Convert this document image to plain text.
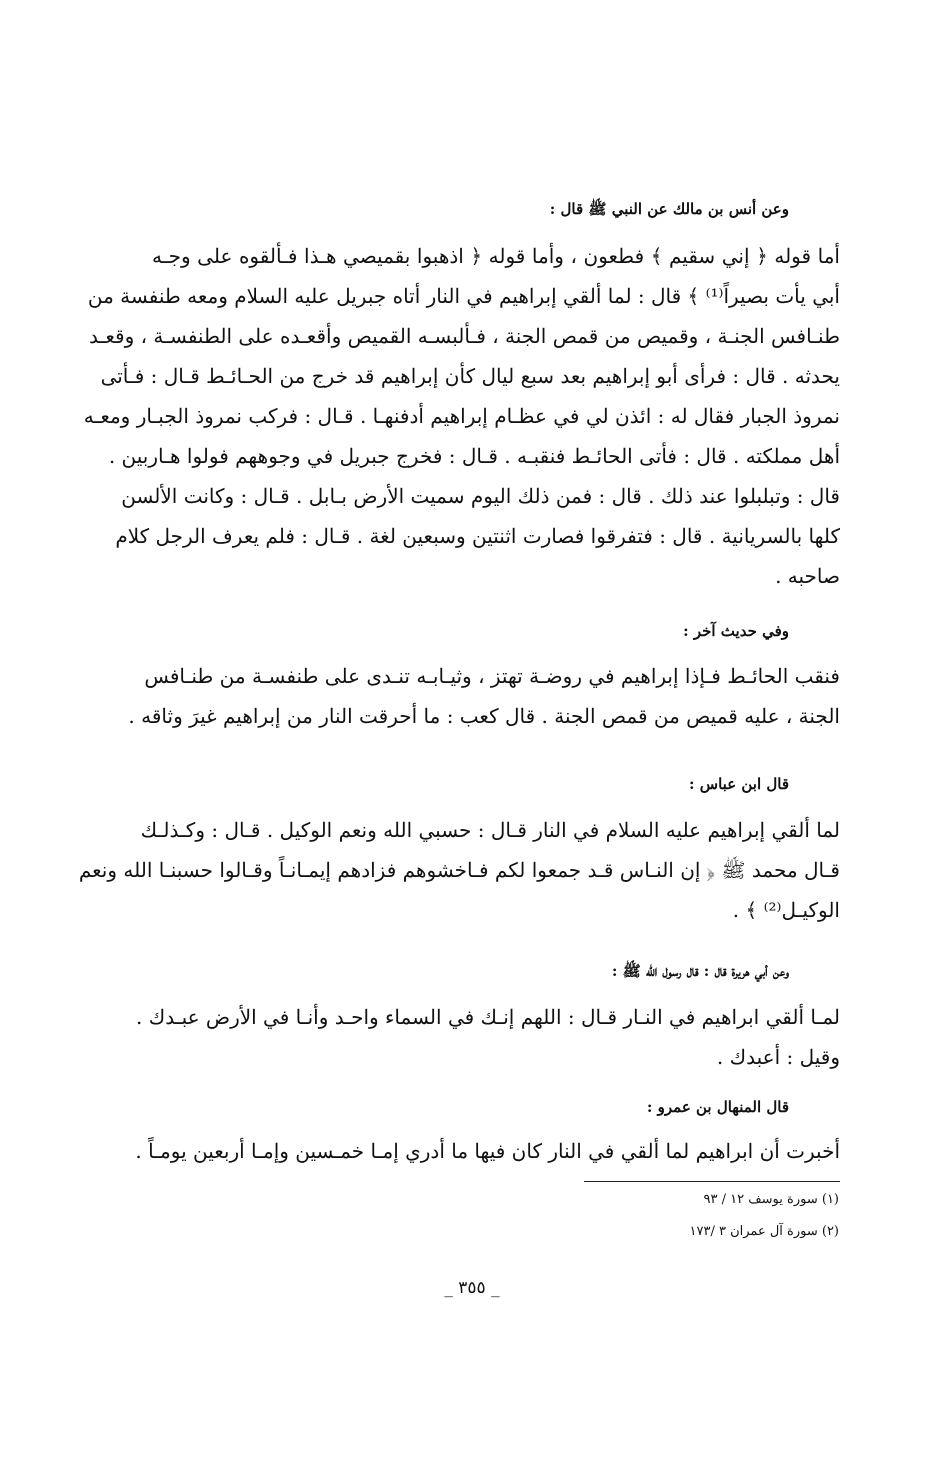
وعن أنس بن مالك عن النبي ﷺ قال :
أما قوله ﴿ إني سقيم ﴾ فطعون ، وأما قوله ﴿ اذهبوا بقميصي هـذا فـألقوه على وجـه
أبي يأت بصيراً⁽¹⁾ ﴾ قال : لما ألقي إبراهيم في النار أتاه جبريل عليه السلام ومعه طنفسة من
طنـافس الجنـة ، وقميص من قمص الجنة ، فـألبسـه القميص وأقعـده على الطنفسـة ، وقعـد
يحدثه . قال : فرأى أبو إبراهيم بعد سبع ليال كأن إبراهيم قد خرج من الحـائـط قـال : فـأتى
نمروذ الجبار فقال له : ائذن لي في عظـام إبراهيم أدفنهـا . قـال : فركب نمروذ الجبـار ومعـه
أهل مملكته . قال : فأتى الحائـط فنقبـه . قـال : فخرج جبريل في وجوههم فولوا هـاربين .
قال : وتبلبلوا عند ذلك . قال : فمن ذلك اليوم سميت الأرض بـابل . قـال : وكانت الألسن
كلها بالسريانية . قال : فتفرقوا فصارت اثنتين وسبعين لغة . قـال : فلم يعرف الرجل كلام
صاحبه .
وفي حديث آخر :
فنقب الحائـط فـإذا إبراهيم في روضـة تهتز ، وثيـابـه تنـدى على طنفسـة من طنـافس
الجنة ، عليه قميص من قمص الجنة . قال كعب : ما أحرقت النار من إبراهيم غيرَ وثاقه .
قال ابن عباس :
لما ألقي إبراهيم عليه السلام في النار قـال : حسبي الله ونعم الوكيل . قـال : وكـذلـك
قـال محمد ﷺ ﴿ إن النـاس قـد جمعوا لكم فـاخشوهم فزادهم إيمـانـاً وقـالوا حسبنـا الله ونعم
الوكيـل⁽²⁾ ﴾ .
وعن أبي هريرة قال : قال رسول الله ﷺ :
لمـا ألقي ابراهيم في النـار قـال : اللهم إنـك في السماء واحـد وأنـا في الأرض عبـدك .
وقيل : أعبدك .
قال المنهال بن عمرو :
أخبرت أن ابراهيم لما ألقي في النار كان فيها ما أدري إمـا خمـسين وإمـا أربعين يومـاً .
(١) سورة يوسف ١٢ / ٩٣
(٢) سورة آل عمران ٣ /١٧٣
_ ٣٥٥ _
